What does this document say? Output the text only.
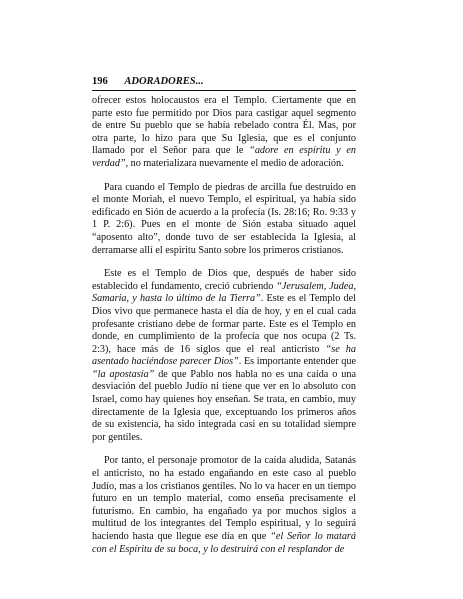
196 ADORADORES...

ofrecer estos holocaustos era el Templo. Ciertamente que en parte esto fue permitido por Dios para castigar aquel segmento de entre Su pueblo que se había rebelado contra Él. Mas, por otra parte, lo hizo para que Su Iglesia, que es el conjunto llamado por el Señor para que le “adore en espíritu y en verdad”, no materializara nuevamente el medio de adoración.

Para cuando el Templo de piedras de arcilla fue destruido en el monte Moriah, el nuevo Templo, el espiritual, ya había sido edificado en Sión de acuerdo a la profecía (Is. 28:16; Ro. 9:33 y 1 P. 2:6). Pues en el monte de Sión estaba situado aquel “aposento alto”, donde tuvo de ser establecida la Iglesia, al derramarse allí el espíritu Santo sobre los primeros cristianos.

Este es el Templo de Dios que, después de haber sido establecido el fundamento, creció cubriendo “Jerusalem, Judea, Samaria, y hasta lo último de la Tierra”. Este es el Templo del Dios vivo que permanece hasta el día de hoy, y en el cual cada profesante cristiano debe de formar parte. Este es el Templo en donde, en cumplimiento de la profecía que nos ocupa (2 Ts. 2:3), hace más de 16 siglos que el real anticristo “se ha asentado haciéndose parecer Dios”. Es importante entender que “la apostasía” de que Pablo nos habla no es una caída o una desviación del pueblo Judío ni tiene que ver en lo absoluto con Israel, como hay quienes hoy enseñan. Se trata, en cambio, muy directamente de la Iglesia que, exceptuando los primeros años de su existencia, ha sido integrada casi en su totalidad siempre por gentiles.

Por tanto, el personaje promotor de la caída aludida, Satanás el anticristo, no ha estado engañando en este caso al pueblo Judío, mas a los cristianos gentiles. No lo va hacer en un tiempo futuro en un templo material, como enseña precisamente el futurismo. En cambio, ha engañado ya por muchos siglos a multitud de los integrantes del Templo espiritual, y lo seguirá haciendo hasta que llegue ese día en que “el Señor lo matará con el Espíritu de su boca, y lo destruirá con el resplandor de
